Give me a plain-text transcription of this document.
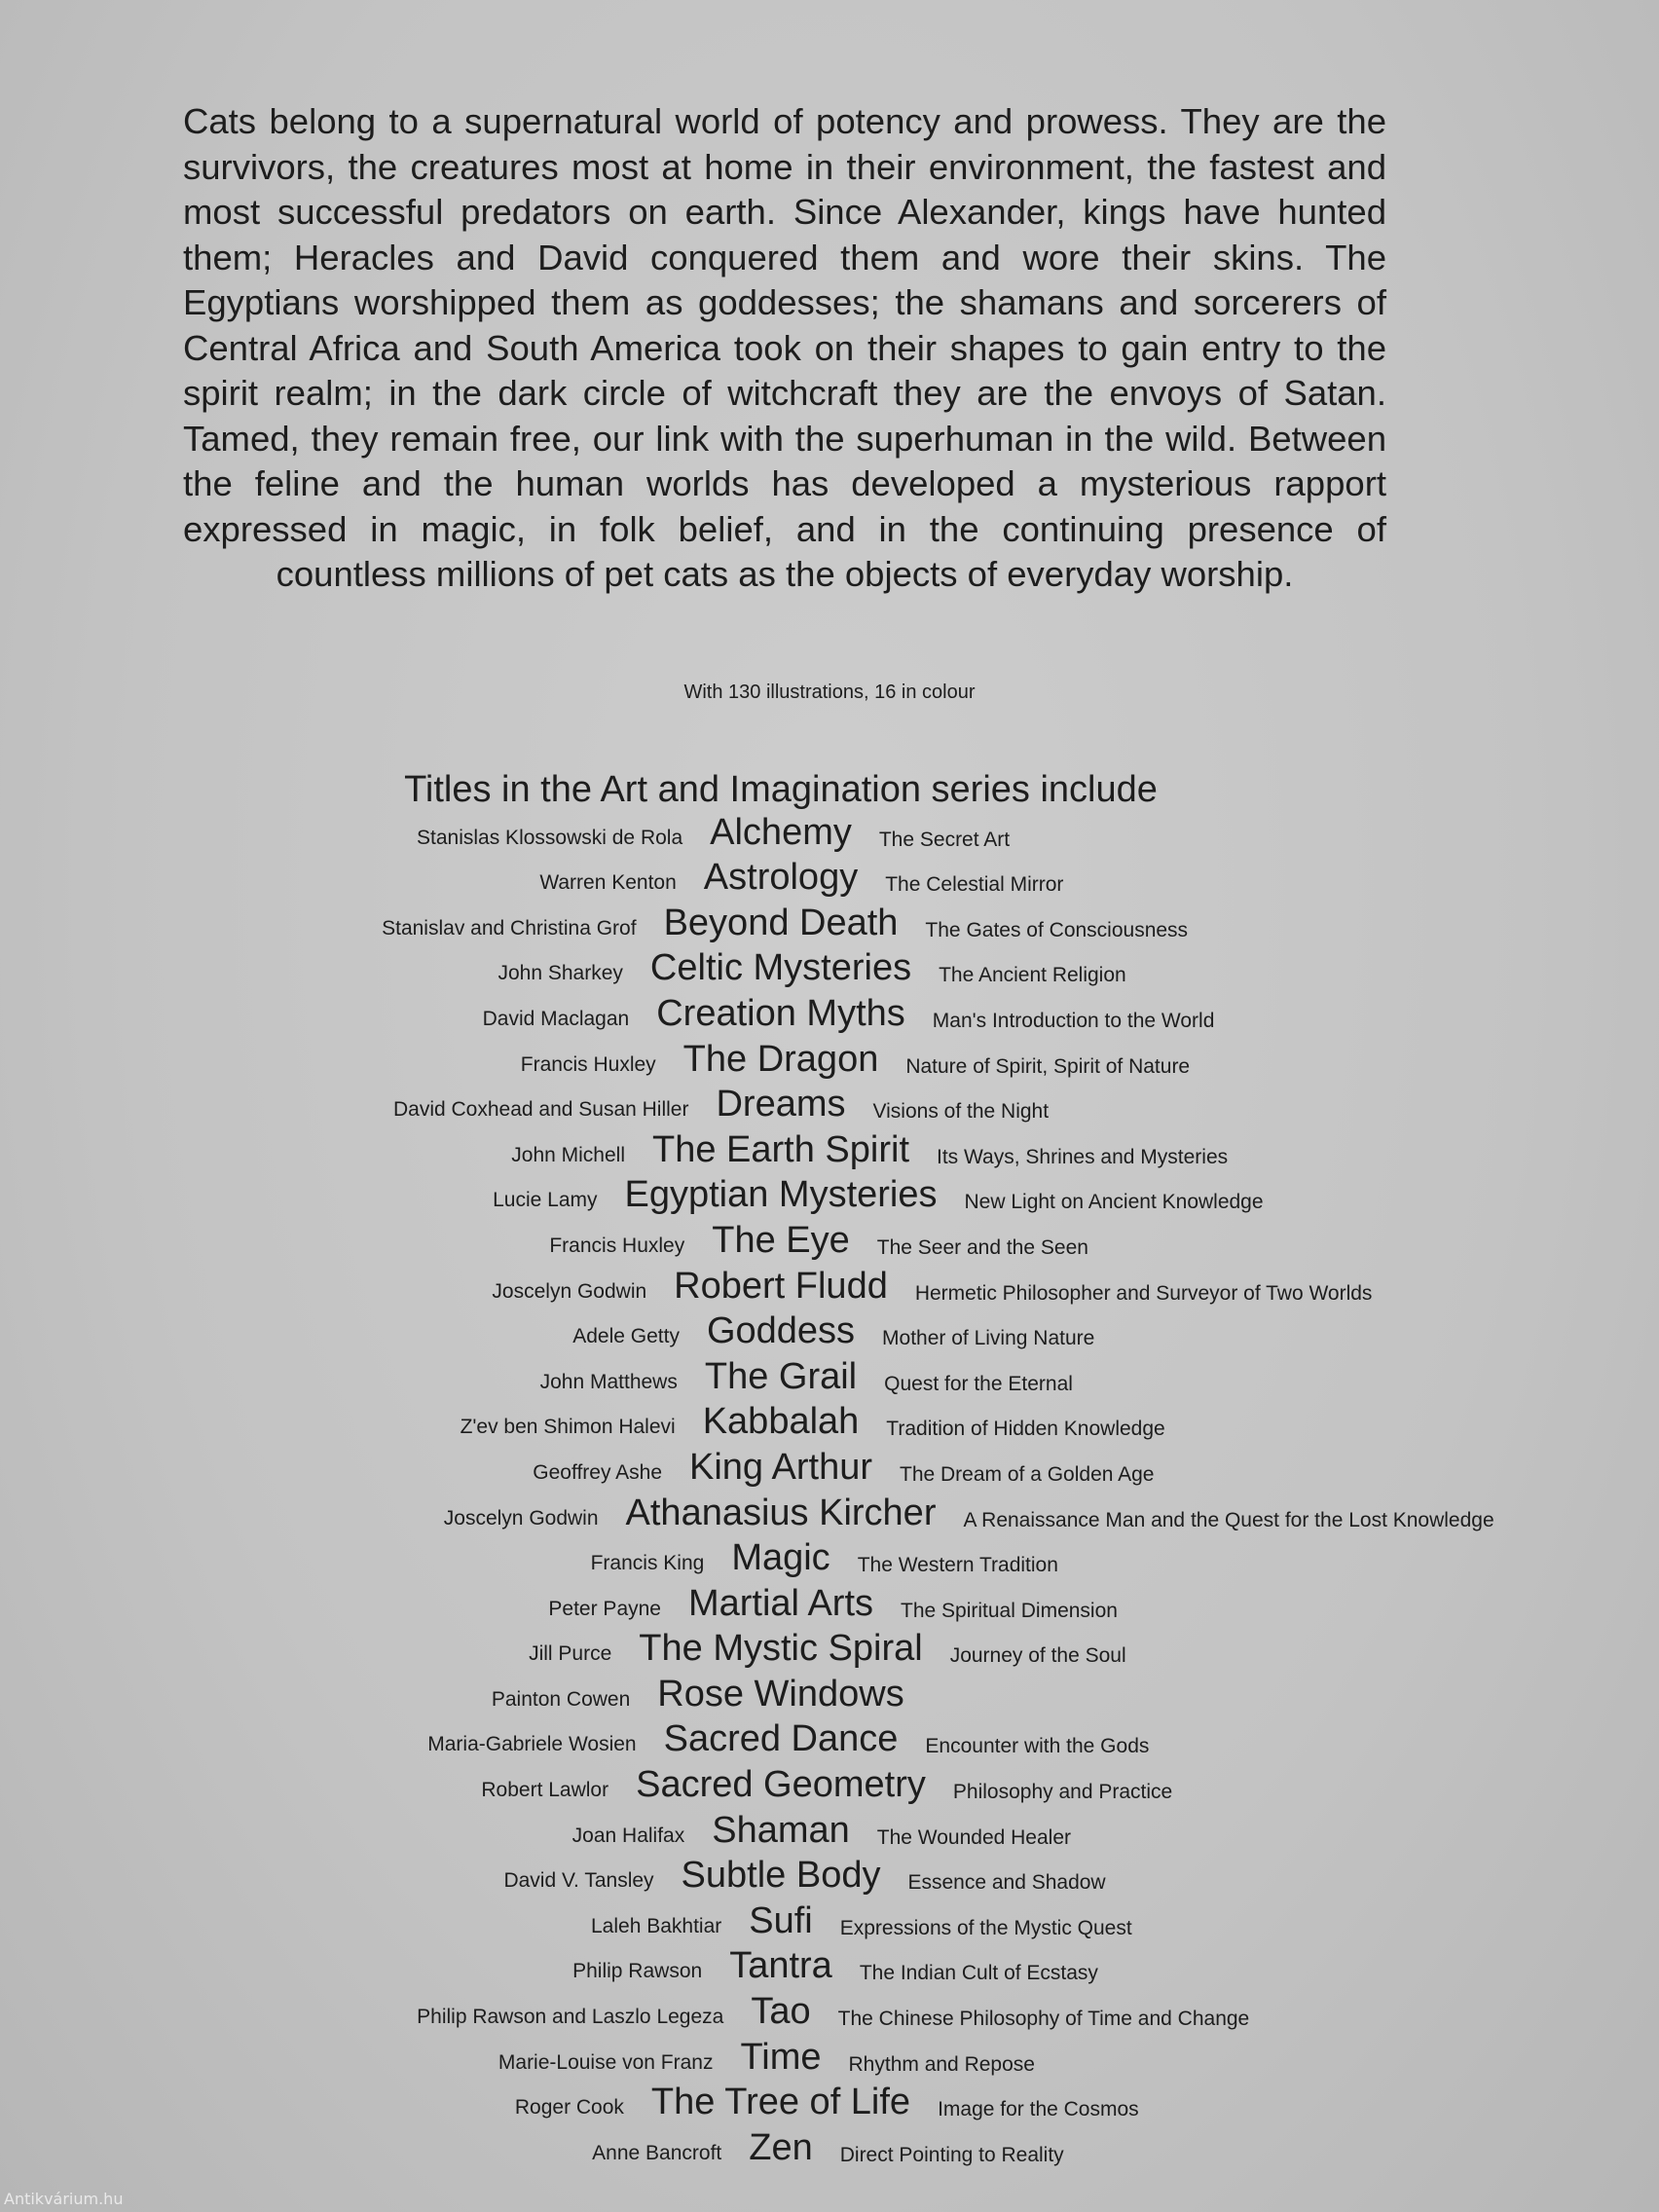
Cats belong to a supernatural world of potency and prowess. They are the survivors, the creatures most at home in their environment, the fastest and most successful predators on earth. Since Alexander, kings have hunted them; Heracles and David conquered them and wore their skins. The Egyptians worshipped them as goddesses; the shamans and sorcerers of Central Africa and South America took on their shapes to gain entry to the spirit realm; in the dark circle of witchcraft they are the envoys of Satan. Tamed, they remain free, our link with the superhuman in the wild. Between the feline and the human worlds has developed a mysterious rapport expressed in magic, in folk belief, and in the continuing presence of countless millions of pet cats as the objects of everyday worship.

With 130 illustrations, 16 in colour

Titles in the Art and Imagination series include

Stanislas Klossowski de Rola Alchemy The Secret Art
Warren Kenton Astrology The Celestial Mirror
Stanislav and Christina Grof Beyond Death The Gates of Consciousness
John Sharkey Celtic Mysteries The Ancient Religion
David Maclagan Creation Myths Man's Introduction to the World
Francis Huxley The Dragon Nature of Spirit, Spirit of Nature
David Coxhead and Susan Hiller Dreams Visions of the Night
John Michell The Earth Spirit Its Ways, Shrines and Mysteries
Lucie Lamy Egyptian Mysteries New Light on Ancient Knowledge
Francis Huxley The Eye The Seer and the Seen
Joscelyn Godwin Robert Fludd Hermetic Philosopher and Surveyor of Two Worlds
Adele Getty Goddess Mother of Living Nature
John Matthews The Grail Quest for the Eternal
Z'ev ben Shimon Halevi Kabbalah Tradition of Hidden Knowledge
Geoffrey Ashe King Arthur The Dream of a Golden Age
Joscelyn Godwin Athanasius Kircher A Renaissance Man and the Quest for the Lost Knowledge
Francis King Magic The Western Tradition
Peter Payne Martial Arts The Spiritual Dimension
Jill Purce The Mystic Spiral Journey of the Soul
Painton Cowen Rose Windows
Maria-Gabriele Wosien Sacred Dance Encounter with the Gods
Robert Lawlor Sacred Geometry Philosophy and Practice
Joan Halifax Shaman The Wounded Healer
David V. Tansley Subtle Body Essence and Shadow
Laleh Bakhtiar Sufi Expressions of the Mystic Quest
Philip Rawson Tantra The Indian Cult of Ecstasy
Philip Rawson and Laszlo Legeza Tao The Chinese Philosophy of Time and Change
Marie-Louise von Franz Time Rhythm and Repose
Roger Cook The Tree of Life Image for the Cosmos
Anne Bancroft Zen Direct Pointing to Reality
Antikvárium.hu
